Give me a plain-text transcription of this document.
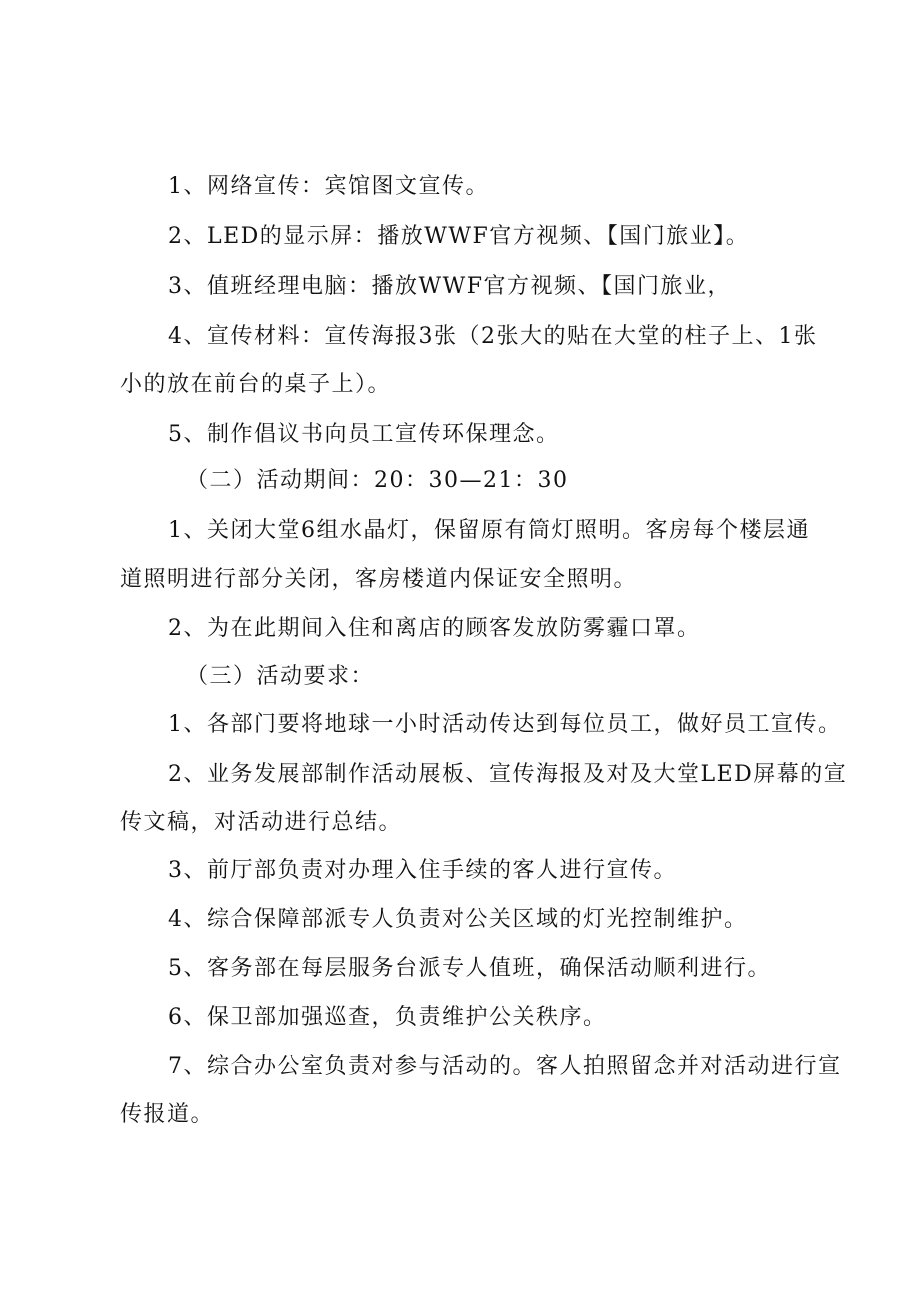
1、网络宣传：宾馆图文宣传。
2、LED的显示屏：播放WWF官方视频、【国门旅业】。
3、值班经理电脑：播放WWF官方视频、【国门旅业，
4、宣传材料：宣传海报3张（2张大的贴在大堂的柱子上、1张
小的放在前台的桌子上）。
5、制作倡议书向员工宣传环保理念。
（二）活动期间：20：30—21：30
1、关闭大堂6组水晶灯，保留原有筒灯照明。客房每个楼层通
道照明进行部分关闭，客房楼道内保证安全照明。
2、为在此期间入住和离店的顾客发放防雾霾口罩。
（三）活动要求：
1、各部门要将地球一小时活动传达到每位员工，做好员工宣传。
2、业务发展部制作活动展板、宣传海报及对及大堂LED屏幕的宣
传文稿，对活动进行总结。
3、前厅部负责对办理入住手续的客人进行宣传。
4、综合保障部派专人负责对公关区域的灯光控制维护。
5、客务部在每层服务台派专人值班，确保活动顺利进行。
6、保卫部加强巡查，负责维护公关秩序。
7、综合办公室负责对参与活动的。客人拍照留念并对活动进行宣
传报道。
